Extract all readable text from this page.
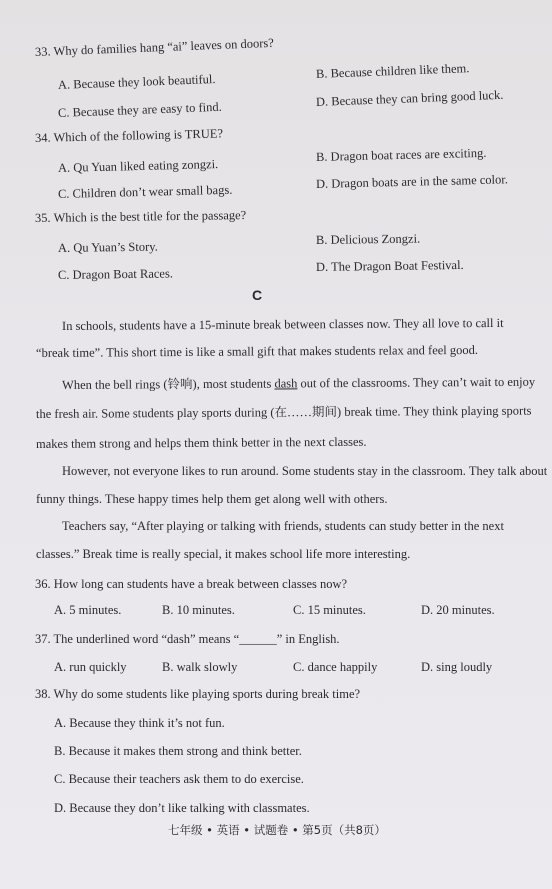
33. Why do families hang “ai” leaves on doors?
A. Because they look beautiful.
B. Because children like them.
C. Because they are easy to find.
D. Because they can bring good luck.
34. Which of the following is TRUE?
A. Qu Yuan liked eating zongzi.
B. Dragon boat races are exciting.
C. Children don’t wear small bags.
D. Dragon boats are in the same color.
35. Which is the best title for the passage?
A. Qu Yuan’s Story.
B. Delicious Zongzi.
C. Dragon Boat Races.
D. The Dragon Boat Festival.
C
In schools, students have a 15-minute break between classes now. They all love to call it
“break time”. This short time is like a small gift that makes students relax and feel good.
When the bell rings (铃响), most students dash out of the classrooms. They can’t wait to enjoy
the fresh air. Some students play sports during (在……期间) break time. They think playing sports
makes them strong and helps them think better in the next classes.
However, not everyone likes to run around. Some students stay in the classroom. They talk about
funny things. These happy times help them get along well with others.
Teachers say, “After playing or talking with friends, students can study better in the next
classes.” Break time is really special, it makes school life more interesting.
36. How long can students have a break between classes now?
A. 5 minutes.	B. 10 minutes.	C. 15 minutes.	D. 20 minutes.
37. The underlined word “dash” means “______” in English.
A. run quickly	B. walk slowly	C. dance happily	D. sing loudly
38. Why do some students like playing sports during break time?
A. Because they think it’s not fun.
B. Because it makes them strong and think better.
C. Because their teachers ask them to do exercise.
D. Because they don’t like talking with classmates.
七年级 • 英语 • 试题卷 • 第5页（共8页）
